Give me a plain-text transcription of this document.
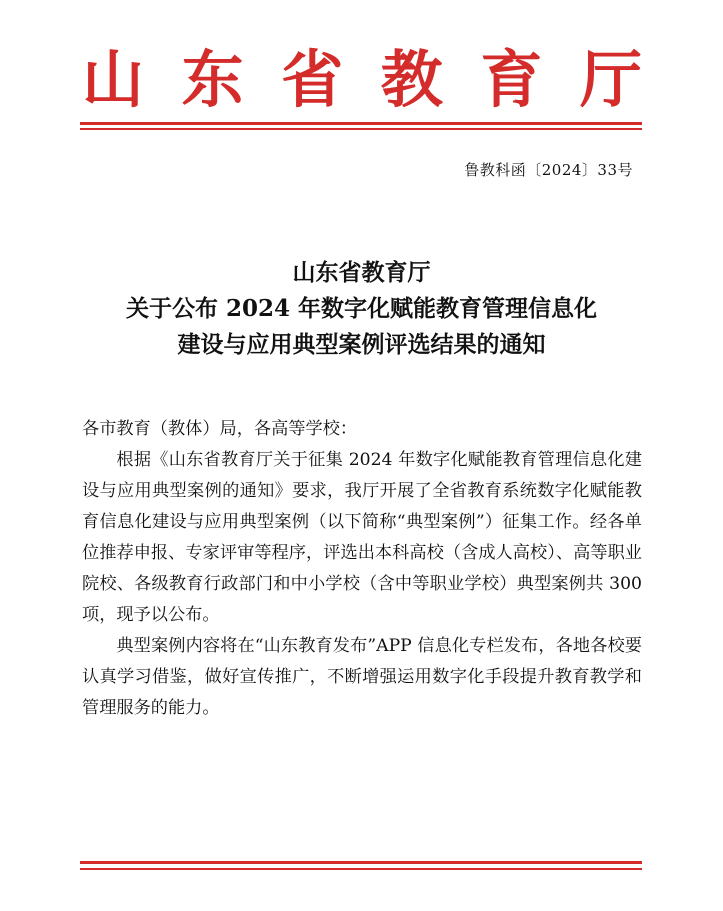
山 东 省 教 育 厅
鲁教科函〔2024〕33号
山东省教育厅
关于公布 2024 年数字化赋能教育管理信息化
建设与应用典型案例评选结果的通知

各市教育（教体）局，各高等学校：

根据《山东省教育厅关于征集 2024 年数字化赋能教育管理信息化建设与应用典型案例的通知》要求，我厅开展了全省教育系统数字化赋能教育信息化建设与应用典型案例（以下简称“典型案例”）征集工作。经各单位推荐申报、专家评审等程序，评选出本科高校（含成人高校）、高等职业院校、各级教育行政部门和中小学校（含中等职业学校）典型案例共 300 项，现予以公布。

典型案例内容将在“山东教育发布”APP 信息化专栏发布，各地各校要认真学习借鉴，做好宣传推广，不断增强运用数字化手段提升教育教学和管理服务的能力。
